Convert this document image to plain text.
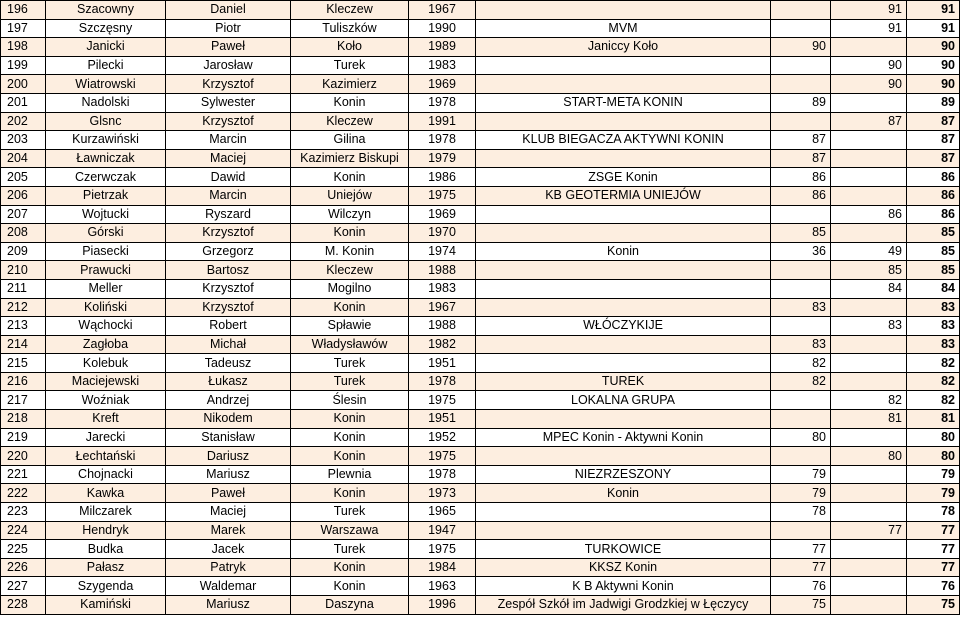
196	Szacowny	Daniel	Kleczew	1967			91	91
197	Szczęsny	Piotr	Tuliszków	1990	MVM		91	91
198	Janicki	Paweł	Koło	1989	Janiccy Koło	90		90
199	Pilecki	Jarosław	Turek	1983			90	90
200	Wiatrowski	Krzysztof	Kazimierz	1969			90	90
201	Nadolski	Sylwester	Konin	1978	START-META KONIN	89		89
202	Glsnc	Krzysztof	Kleczew	1991			87	87
203	Kurzawiński	Marcin	Gilina	1978	KLUB BIEGACZA AKTYWNI KONIN	87		87
204	Ławniczak	Maciej	Kazimierz Biskupi	1979		87		87
205	Czerwczak	Dawid	Konin	1986	ZSGE Konin	86		86
206	Pietrzak	Marcin	Uniejów	1975	KB GEOTERMIA UNIEJÓW	86		86
207	Wojtucki	Ryszard	Wilczyn	1969			86	86
208	Górski	Krzysztof	Konin	1970		85		85
209	Piasecki	Grzegorz	M. Konin	1974	Konin	36	49	85
210	Prawucki	Bartosz	Kleczew	1988			85	85
211	Meller	Krzysztof	Mogilno	1983			84	84
212	Koliński	Krzysztof	Konin	1967		83		83
213	Wąchocki	Robert	Spławie	1988	WŁÓCZYKIJE		83	83
214	Zagłoba	Michał	Władysławów	1982		83		83
215	Kolebuk	Tadeusz	Turek	1951		82		82
216	Maciejewski	Łukasz	Turek	1978	TUREK	82		82
217	Woźniak	Andrzej	Ślesin	1975	LOKALNA GRUPA		82	82
218	Kreft	Nikodem	Konin	1951			81	81
219	Jarecki	Stanisław	Konin	1952	MPEC Konin - Aktywni Konin	80		80
220	Łechtański	Dariusz	Konin	1975			80	80
221	Chojnacki	Mariusz	Plewnia	1978	NIEZRZESZONY	79		79
222	Kawka	Paweł	Konin	1973	Konin	79		79
223	Milczarek	Maciej	Turek	1965		78		78
224	Hendryk	Marek	Warszawa	1947			77	77
225	Budka	Jacek	Turek	1975	TURKOWICE	77		77
226	Pałasz	Patryk	Konin	1984	KKSZ Konin	77		77
227	Szygenda	Waldemar	Konin	1963	K B Aktywni Konin	76		76
228	Kamiński	Mariusz	Daszyna	1996	Zespół Szkół im Jadwigi Grodzkiej w Łęczycy	75		75
